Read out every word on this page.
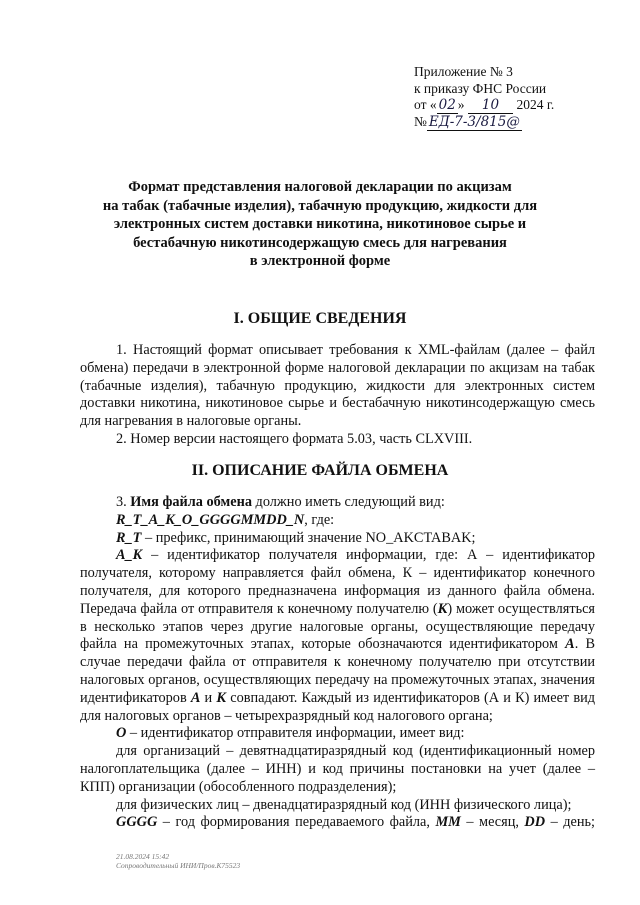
Приложение № 3
к приказу ФНС России
от « 02 » 10 2024 г.
№ ЕД-7-3/815@
Формат представления налоговой декларации по акцизам
на табак (табачные изделия), табачную продукцию, жидкости для
электронных систем доставки никотина, никотиновое сырье и
бестабачную никотинсодержащую смесь для нагревания
в электронной форме
I. ОБЩИЕ СВЕДЕНИЯ

1. Настоящий формат описывает требования к XML-файлам (далее – файл обмена) передачи в электронной форме налоговой декларации по акцизам на табак (табачные изделия), табачную продукцию, жидкости для электронных систем доставки никотина, никотиновое сырье и бестабачную никотинсодержащую смесь для нагревания в налоговые органы.

2. Номер версии настоящего формата 5.03, часть CLXVIII.

II. ОПИСАНИЕ ФАЙЛА ОБМЕНА

3. Имя файла обмена должно иметь следующий вид:

R_T_A_K_O_GGGGMMDD_N, где:

R_T – префикс, принимающий значение NO_AKCTABAK;

A_K – идентификатор получателя информации, где: А – идентификатор получателя, которому направляется файл обмена, К – идентификатор конечного получателя, для которого предназначена информация из данного файла обмена. Передача файла от отправителя к конечному получателю (К) может осуществляться в несколько этапов через другие налоговые органы, осуществляющие передачу файла на промежуточных этапах, которые обозначаются идентификатором А. В случае передачи файла от отправителя к конечному получателю при отсутствии налоговых органов, осуществляющих передачу на промежуточных этапах, значения идентификаторов А и К совпадают. Каждый из идентификаторов (А и К) имеет вид для налоговых органов – четырехразрядный код налогового органа;

O – идентификатор отправителя информации, имеет вид:

для организаций – девятнадцатиразрядный код (идентификационный номер налогоплательщика (далее – ИНН) и код причины постановки на учет (далее – КПП) организации (обособленного подразделения);

для физических лиц – двенадцатиразрядный код (ИНН физического лица);

GGGG – год формирования передаваемого файла, MM – месяц, DD – день;

21.08.2024 15:42
Сопроводительный ИНИ/Пров.К75523
